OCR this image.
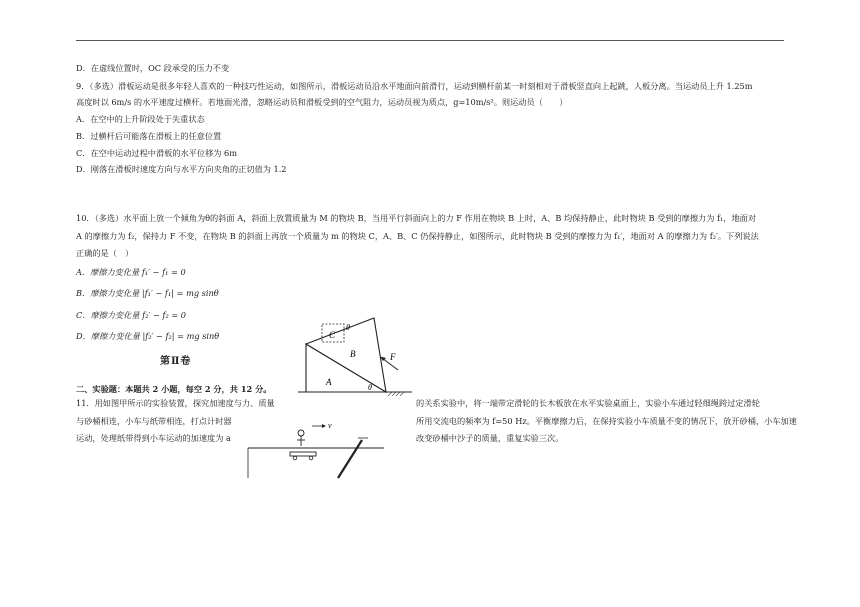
D．在虚线位置时，OC 段承受的压力不变
9．（多选）滑板运动是很多年轻人喜欢的一种技巧性运动，如图所示，滑板运动员沿水平地面向前滑行，运动到横杆前某一时刻相对于滑板竖直向上起跳，人板分离。当运动员上升 1.25m
高度时以 6m/s 的水平速度过横杆。若地面光滑，忽略运动员和滑板受到的空气阻力，运动员视为质点，g=10m/s²。则运动员（　　）
A．在空中的上升阶段处于失重状态
B．过横杆后可能落在滑板上的任意位置
C．在空中运动过程中滑板的水平位移为 6m
D．刚落在滑板时速度方向与水平方向夹角的正切值为 1.2
10．（多选）水平面上放一个倾角为θ的斜面 A，斜面上放置质量为 M 的物块 B，当用平行斜面向上的力 F 作用在物块 B 上时，A、B 均保持静止，此时物块 B 受到的摩擦力为 f₁，地面对
A 的摩擦力为 f₂，保持力 F 不变，在物块 B 的斜面上再放一个质量为 m 的物块 C，A、B、C 仍保持静止，如图所示，此时物块 B 受到的摩擦力为 f₁′，地面对 A 的摩擦力为 f₂′。下列说法
正确的是（　）
A．摩擦力变化量 f₁′ − f₁ = 0
B．摩擦力变化量 |f₁′ − f₁| = mg sinθ
C．摩擦力变化量 f₂′ − f₂ = 0
D．摩擦力变化量 |f₂′ − f₂| = mg sinθ
第Ⅱ卷
二、实验题：本题共 2 小题，每空 2 分，共 12 分。
11．用如图甲所示的实验装置，探究加速度与力、质量
与砂桶相连，小车与纸带相连，打点计时器
运动，处理纸带得到小车运动的加速度为 a
的关系实验中，将一端带定滑轮的长木板放在水平实验桌面上，实验小车通过轻细绳跨过定滑轮
所用交流电的频率为 f=50 Hz。平衡摩擦力后，在保持实验小车质量不变的情况下，放开砂桶，小车加速
改变砂桶中沙子的质量，重复实验三次。
A
B
C
F
θ
θ
v
